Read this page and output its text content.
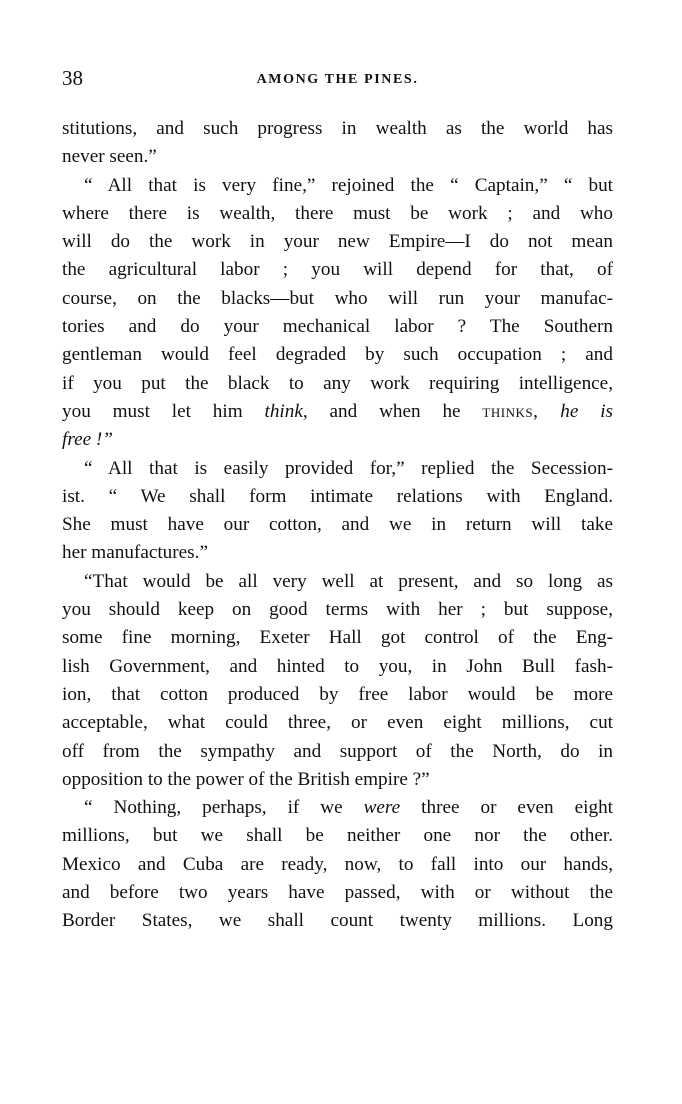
38	AMONG THE PINES.
stitutions, and such progress in wealth as the world has
never seen.”
“ All that is very fine,” rejoined the “ Captain,” “ but
where there is wealth, there must be work ; and who
will do the work in your new Empire—I do not mean
the agricultural labor ; you will depend for that, of
course, on the blacks—but who will run your manufac-
tories and do your mechanical labor ? The Southern
gentleman would feel degraded by such occupation ; and
if you put the black to any work requiring intelligence,
you must let him think, and when he thinks, he is
free !”
“ All that is easily provided for,” replied the Secession-
ist. “ We shall form intimate relations with England.
She must have our cotton, and we in return will take
her manufactures.”
“That would be all very well at present, and so long as
you should keep on good terms with her ; but suppose,
some fine morning, Exeter Hall got control of the Eng-
lish Government, and hinted to you, in John Bull fash-
ion, that cotton produced by free labor would be more
acceptable, what could three, or even eight millions, cut
off from the sympathy and support of the North, do in
opposition to the power of the British empire ?”
“ Nothing, perhaps, if we were three or even eight
millions, but we shall be neither one nor the other.
Mexico and Cuba are ready, now, to fall into our hands,
and before two years have passed, with or without the
Border States, we shall count twenty millions. Long
